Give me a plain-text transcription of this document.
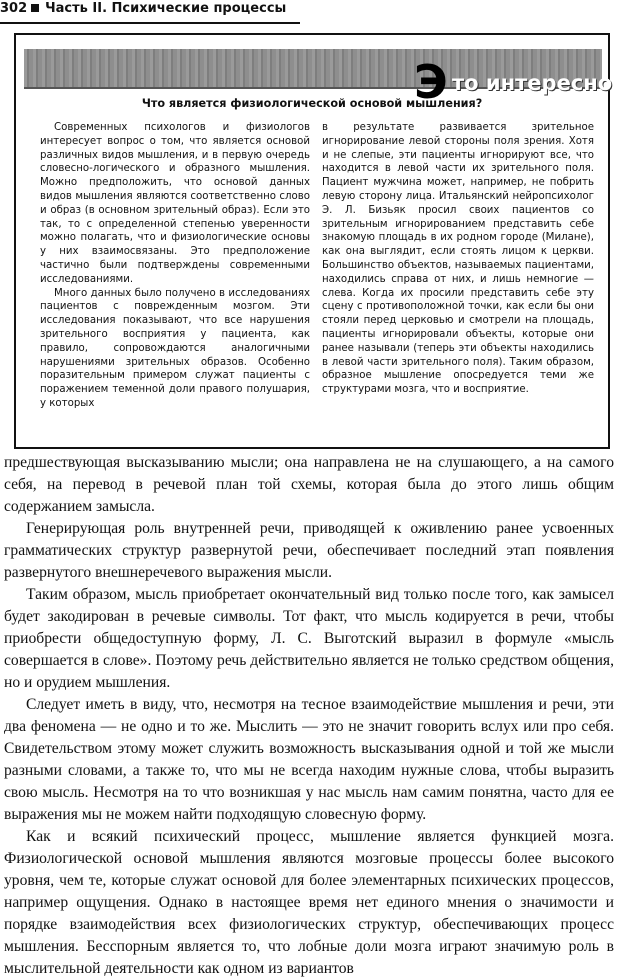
302 Часть II. Психические процессы
Э то интересно
Что является физиологической основой мышления?

Современных психологов и физиологов интересует вопрос о том, что является основой различных видов мышления, и в первую очередь словесно-логического и образного мышления. Можно предположить, что основой данных видов мышления являются соответственно слово и образ (в основном зрительный образ). Если это так, то с определенной степенью уверенности можно полагать, что и физиологические основы у них взаимосвязаны. Это предположение частично были подтверждены современными исследованиями.

Много данных было получено в исследованиях пациентов с поврежденным мозгом. Эти исследования показывают, что все нарушения зрительного восприятия у пациента, как правило, сопровождаются аналогичными нарушениями зрительных образов. Особенно поразительным примером служат пациенты с поражением теменной доли правого полушария, у которых

в результате развивается зрительное игнорирование левой стороны поля зрения. Хотя и не слепые, эти пациенты игнорируют все, что находится в левой части их зрительного поля. Пациент мужчина может, например, не побрить левую сторону лица. Итальянский нейропсихолог Э. Л. Бизьяк просил своих пациентов со зрительным игнорированием представить себе знакомую площадь в их родном городе (Милане), как она выглядит, если стоять лицом к церкви. Большинство объектов, называемых пациентами, находились справа от них, и лишь немногие — слева. Когда их просили представить себе эту сцену с противоположной точки, как если бы они стояли перед церковью и смотрели на площадь, пациенты игнорировали объекты, которые они ранее называли (теперь эти объекты находились в левой части зрительного поля). Таким образом, образное мышление опосредуется теми же структурами мозга, что и восприятие.

предшествующая высказыванию мысли; она направлена не на слушающего, а на самого себя, на перевод в речевой план той схемы, которая была до этого лишь общим содержанием замысла.

Генерирующая роль внутренней речи, приводящей к оживлению ранее усвоенных грамматических структур развернутой речи, обеспечивает последний этап появления развернутого внешнеречевого выражения мысли.

Таким образом, мысль приобретает окончательный вид только после того, как замысел будет закодирован в речевые символы. Тот факт, что мысль кодируется в речи, чтобы приобрести общедоступную форму, Л. С. Выготский выразил в формуле «мысль совершается в слове». Поэтому речь действительно является не только средством общения, но и орудием мышления.

Следует иметь в виду, что, несмотря на тесное взаимодействие мышления и речи, эти два феномена — не одно и то же. Мыслить — это не значит говорить вслух или про себя. Свидетельством этому может служить возможность высказывания одной и той же мысли разными словами, а также то, что мы не всегда находим нужные слова, чтобы выразить свою мысль. Несмотря на то что возникшая у нас мысль нам самим понятна, часто для ее выражения мы не можем найти подходящую словесную форму.

Как и всякий психический процесс, мышление является функцией мозга. Физиологической основой мышления являются мозговые процессы более высокого уровня, чем те, которые служат основой для более элементарных психических процессов, например ощущения. Однако в настоящее время нет единого мнения о значимости и порядке взаимодействия всех физиологических структур, обеспечивающих процесс мышления. Бесспорным является то, что лобные доли мозга играют значимую роль в мыслительной деятельности как одном из вариантов
